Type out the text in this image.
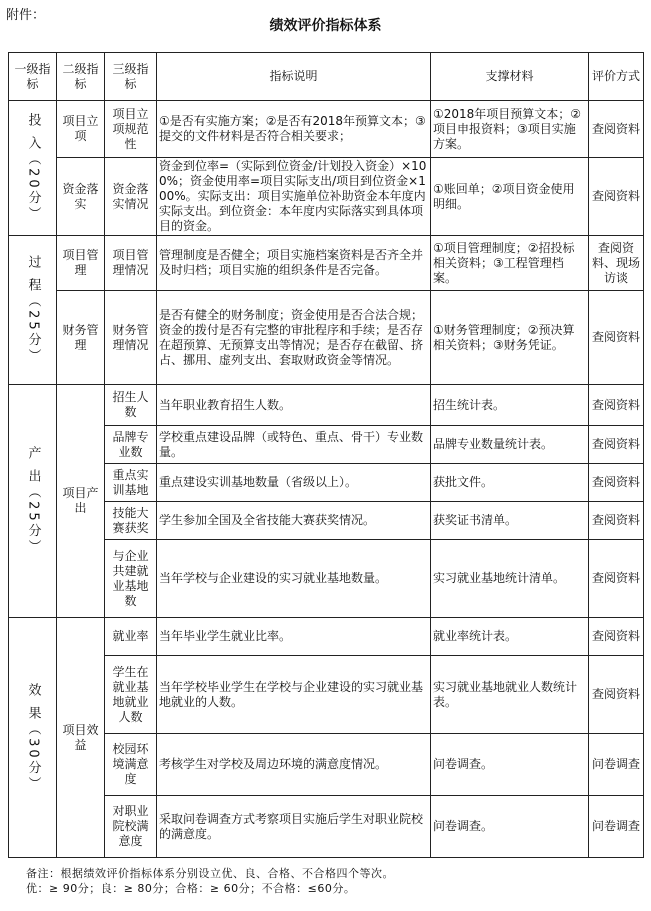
附件：
绩效评价指标体系
一级指标	二级指标	三级指标	指标说明	支撑材料	评价方式

投 入（20分）	项目立项	项目立项规范性	①是否有实施方案；②是否有2018年预算文本；③提交的文件材料是否符合相关要求；	①2018年项目预算文本；②项目申报资料；③项目实施方案。	查阅资料
	资金落实	资金落实情况	资金到位率=（实际到位资金/计划投入资金）×100%；资金使用率=项目实际支出/项目到位资金×100%。实际支出：项目实施单位补助资金本年度内实际支出。到位资金：本年度内实际落实到具体项目的资金。	①账回单；②项目资金使用明细。	查阅资料

过 程（25分）	项目管理	项目管理情况	管理制度是否健全；项目实施档案资料是否齐全并及时归档；项目实施的组织条件是否完备。	①项目管理制度；②招投标相关资料；③工程管理档案。	查阅资料、现场访谈
	财务管理	财务管理情况	是否有健全的财务制度；资金使用是否合法合规；资金的拨付是否有完整的审批程序和手续；是否存在超预算、无预算支出等情况；是否存在截留、挤占、挪用、虚列支出、套取财政资金等情况。	①财务管理制度；②预决算相关资料；③财务凭证。	查阅资料

产 出（25分）	项目产出	招生人数	当年职业教育招生人数。	招生统计表。	查阅资料
		品牌专业数	学校重点建设品牌（或特色、重点、骨干）专业数量。	品牌专业数量统计表。	查阅资料
		重点实训基地	重点建设实训基地数量（省级以上）。	获批文件。	查阅资料
		技能大赛获奖	学生参加全国及全省技能大赛获奖情况。	获奖证书清单。	查阅资料
		与企业共建就业基地数	当年学校与企业建设的实习就业基地数量。	实习就业基地统计清单。	查阅资料

效 果（30分）	项目效益	就业率	当年毕业学生就业比率。	就业率统计表。	查阅资料
		学生在就业基地就业人数	当年学校毕业学生在学校与企业建设的实习就业基地就业的人数。	实习就业基地就业人数统计表。	查阅资料
		校园环境满意度	考核学生对学校及周边环境的满意度情况。	问卷调查。	问卷调查
		对职业院校满意度	采取问卷调查方式考察项目实施后学生对职业院校的满意度。	问卷调查。	问卷调查
备注：根据绩效评价指标体系分别设立优、良、合格、不合格四个等次。
优：≥ 90分；良：≥ 80分；合格：≥ 60分；不合格：≤60分。
